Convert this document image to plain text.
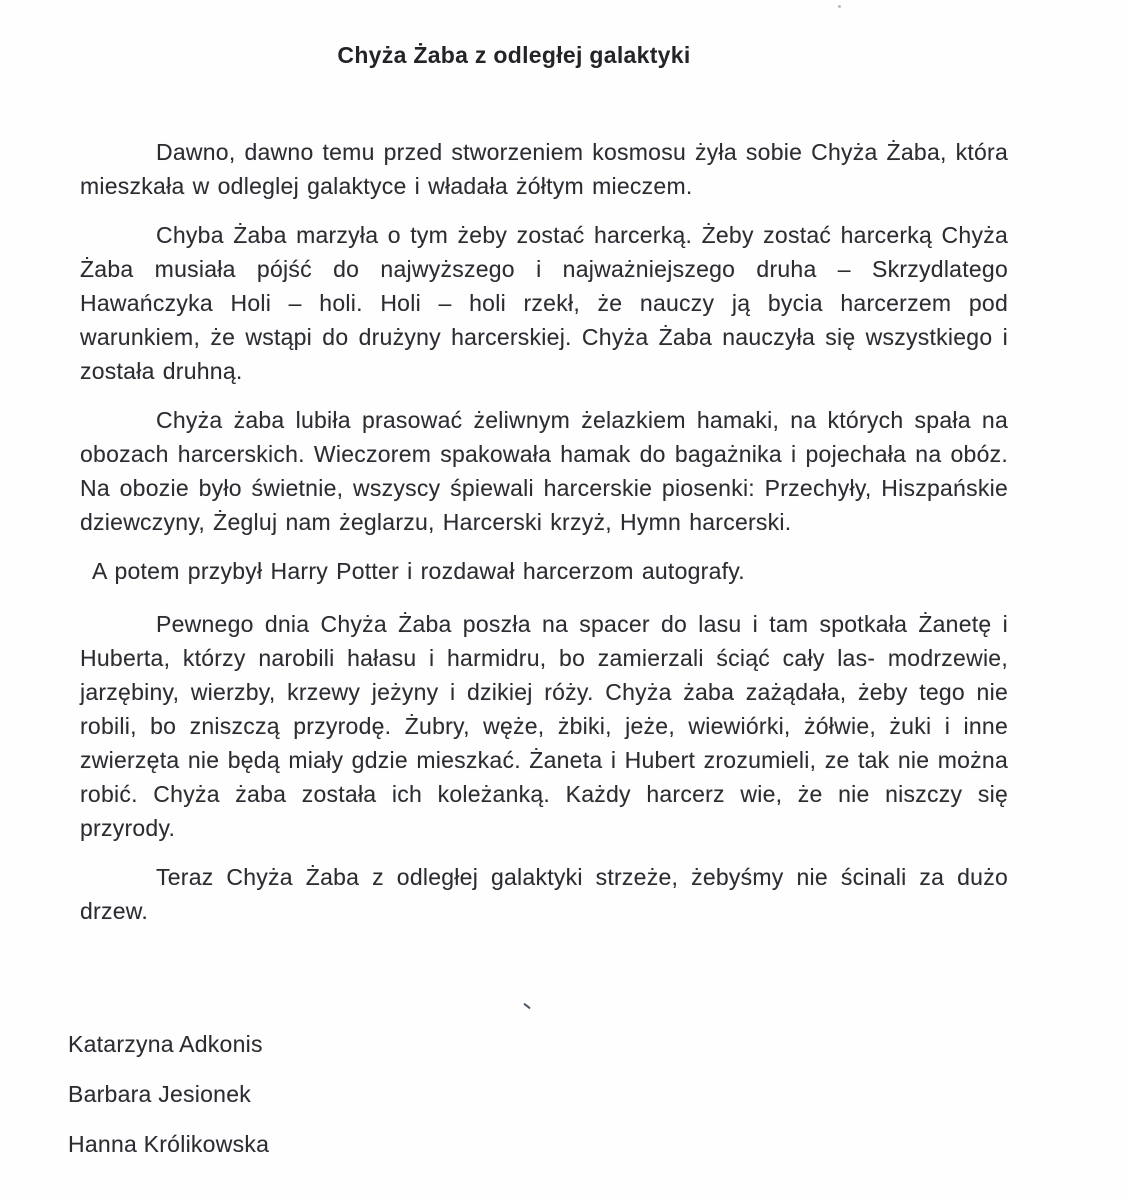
Chyża Żaba z odległej galaktyki

Dawno, dawno temu przed stworzeniem kosmosu żyła sobie Chyża Żaba, która mieszkała w odleglej galaktyce i władała żółtym mieczem.

Chyba Żaba marzyła o tym żeby zostać harcerką. Żeby zostać harcerką Chyża Żaba musiała pójść do najwyższego i najważniejszego druha – Skrzydlatego Hawańczyka Holi – holi. Holi – holi rzekł, że nauczy ją bycia harcerzem pod warunkiem, że wstąpi do drużyny harcerskiej. Chyża Żaba nauczyła się wszystkiego i została druhną.

Chyża żaba lubiła prasować żeliwnym żelazkiem hamaki, na których spała na obozach harcerskich. Wieczorem spakowała hamak do bagażnika i pojechała na obóz. Na obozie było świetnie, wszyscy śpiewali harcerskie piosenki: Przechyły, Hiszpańskie dziewczyny, Żegluj nam żeglarzu, Harcerski krzyż, Hymn harcerski.

A potem przybył Harry Potter i rozdawał harcerzom autografy.

Pewnego dnia Chyża Żaba poszła na spacer do lasu i tam spotkała Żanetę i Huberta, którzy narobili hałasu i harmidru, bo zamierzali ściąć cały las- modrzewie, jarzębiny, wierzby, krzewy jeżyny i dzikiej róży. Chyża żaba zażądała, żeby tego nie robili, bo zniszczą przyrodę. Żubry, węże, żbiki, jeże, wiewiórki, żółwie, żuki i inne zwierzęta nie będą miały gdzie mieszkać. Żaneta i Hubert zrozumieli, ze tak nie można robić. Chyża żaba została ich koleżanką. Każdy harcerz wie, że nie niszczy się przyrody.

Teraz Chyża Żaba z odległej galaktyki strzeże, żebyśmy nie ścinali za dużo drzew.

Katarzyna Adkonis
Barbara Jesionek
Hanna Królikowska
